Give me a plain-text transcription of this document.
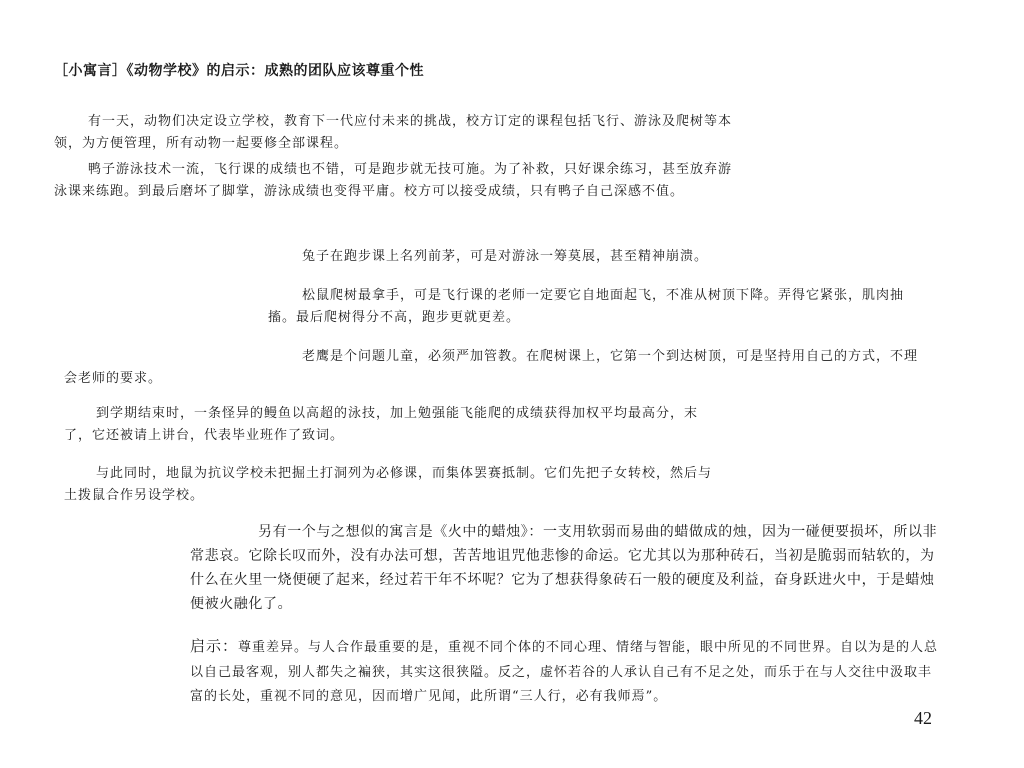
［小寓言］《动物学校》的启示：成熟的团队应该尊重个性

有一天，动物们决定设立学校，教育下一代应付未来的挑战，校方订定的课程包括飞行、游泳及爬树等本领，为方便管理，所有动物一起要修全部课程。

鸭子游泳技术一流，飞行课的成绩也不错，可是跑步就无技可施。为了补救，只好课余练习，甚至放弃游泳课来练跑。到最后磨坏了脚掌，游泳成绩也变得平庸。校方可以接受成绩，只有鸭子自己深感不值。

兔子在跑步课上名列前茅，可是对游泳一筹莫展，甚至精神崩溃。

松鼠爬树最拿手，可是飞行课的老师一定要它自地面起飞，不准从树顶下降。弄得它紧张，肌肉抽搐。最后爬树得分不高，跑步更就更差。

老鹰是个问题儿童，必须严加管教。在爬树课上，它第一个到达树顶，可是坚持用自己的方式，不理会老师的要求。

到学期结束时，一条怪异的鳗鱼以高超的泳技，加上勉强能飞能爬的成绩获得加权平均最高分，末了，它还被请上讲台，代表毕业班作了致词。

与此同时，地鼠为抗议学校未把掘土打洞列为必修课，而集体罢赛抵制。它们先把子女转校，然后与土拨鼠合作另设学校。

另有一个与之想似的寓言是《火中的蜡烛》：一支用软弱而易曲的蜡做成的烛，因为一碰便要损坏，所以非常悲哀。它除长叹而外，没有办法可想，苦苦地诅咒他悲惨的命运。它尤其以为那种砖石，当初是脆弱而轱软的，为什么在火里一烧便硬了起来，经过若干年不坏呢？它为了想获得象砖石一般的硬度及利益，奋身跃进火中，于是蜡烛便被火融化了。

启示：尊重差异。与人合作最重要的是，重视不同个体的不同心理、情绪与智能，眼中所见的不同世界。自以为是的人总以自己最客观，别人都失之褊狭，其实这很狭隘。反之，虚怀若谷的人承认自己有不足之处，而乐于在与人交往中汲取丰富的长处，重视不同的意见，因而增广见闻，此所谓“三人行，必有我师焉”。

42
